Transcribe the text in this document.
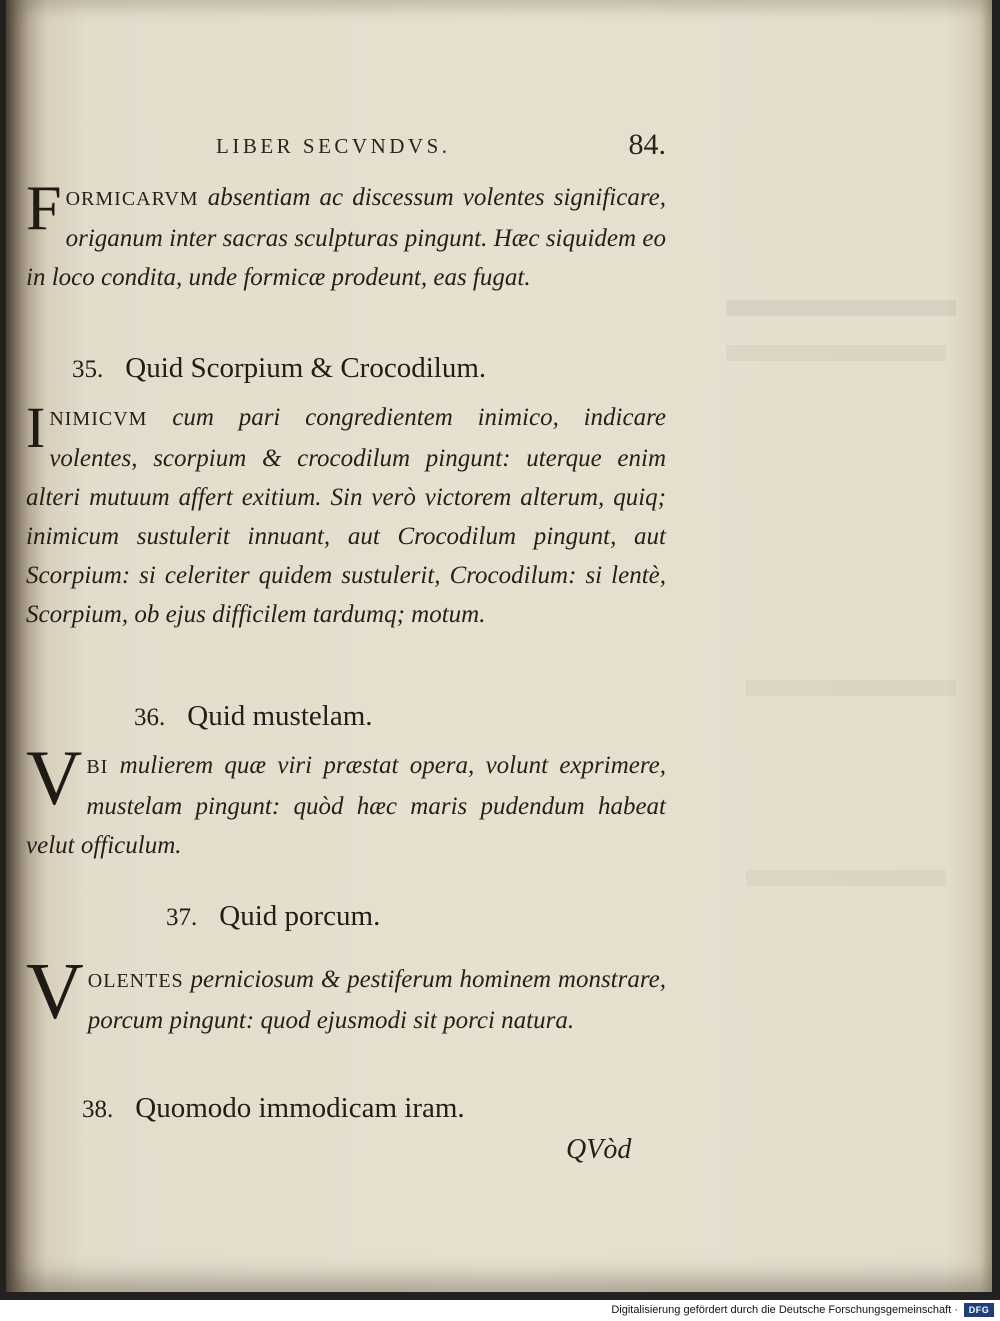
LIBER SECVNDVS.	84.
FORMICARVM absentiam ac discessum volentes significare, origanum inter sacras sculpturas pingunt. Hæc siquidem eo in loco condita, unde formicæ prodeunt, eas fugat.
35. Quid Scorpium & Crocodilum.
INIMICVM cum pari congredientem inimico, indicare volentes, scorpium & crocodilum pingunt: uterque enim alteri mutuum affert exitium. Sin verò victorem alterum, quiq; inimicum sustulerit innuant, aut Crocodilum pingunt, aut Scorpium: si celeriter quidem sustulerit, Crocodilum: si lentè, Scorpium, ob ejus difficilem tardumq; motum.
36. Quid mustelam.
VBI mulierem quæ viri præstat opera, volunt exprimere, mustelam pingunt: quòd hæc maris pudendum habeat velut officulum.
37. Quid porcum.
VOLENTES perniciosum & pestiferum hominem monstrare, porcum pingunt: quod ejusmodi sit porci natura.
38. Quomodo immodicam iram.
QVòd
Digitalisierung gefördert durch die Deutsche Forschungsgemeinschaft ·	DFG
